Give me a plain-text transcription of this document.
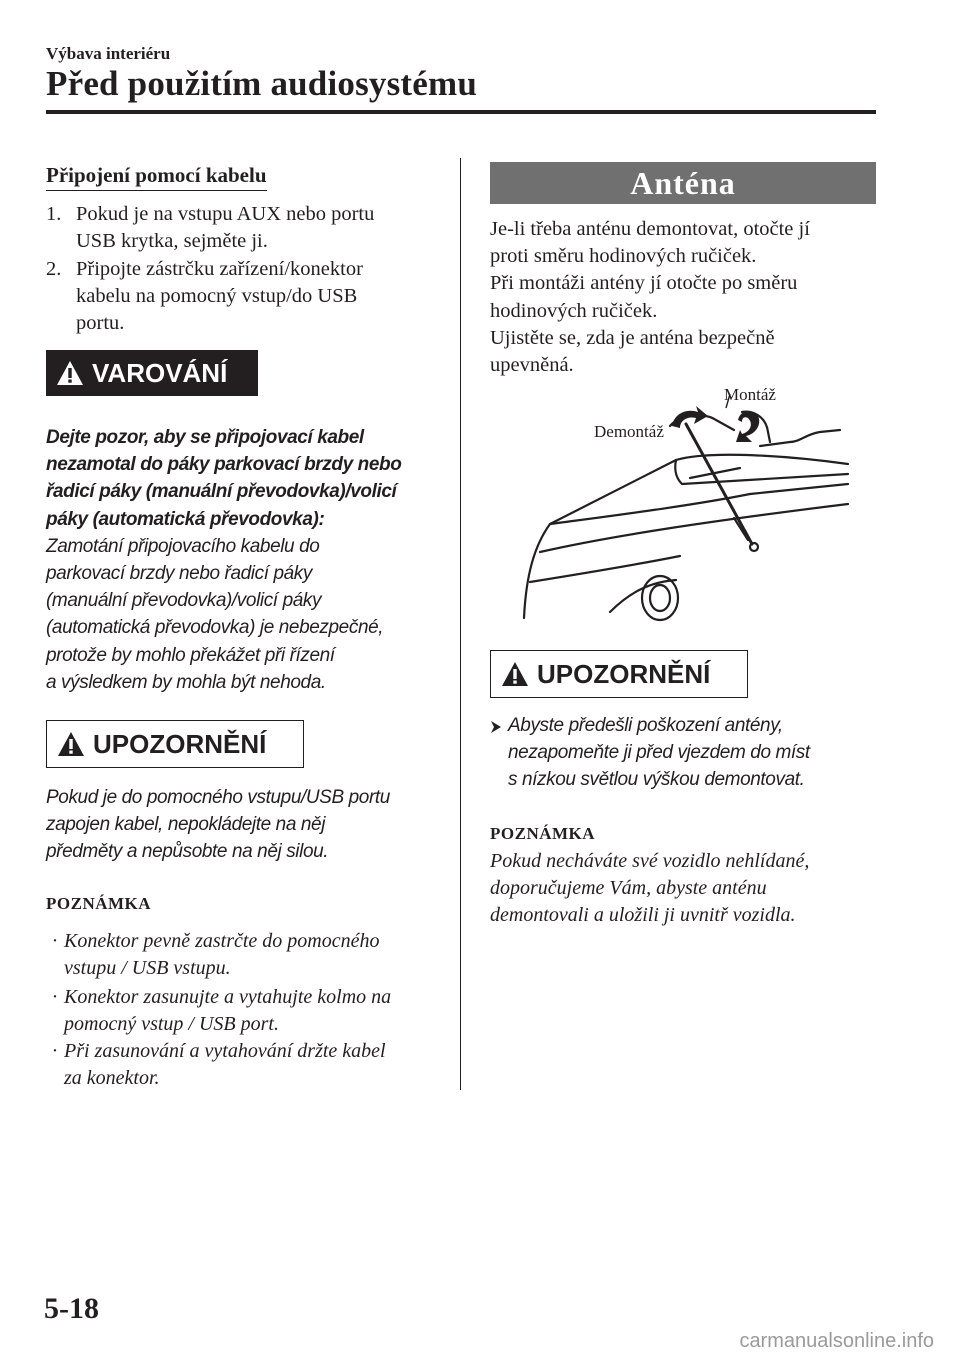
Výbava interiéru
Před použitím audiosystému
Připojení pomocí kabelu
1. Pokud je na vstupu AUX nebo portu
USB krytka, sejměte ji.
2. Připojte zástrčku zařízení/konektor
kabelu na pomocný vstup/do USB
portu.
VAROVÁNÍ
Dejte pozor, aby se připojovací kabel
nezamotal do páky parkovací brzdy nebo
řadicí páky (manuální převodovka)/volicí
páky (automatická převodovka):
Zamotání připojovacího kabelu do
parkovací brzdy nebo řadicí páky
(manuální převodovka)/volicí páky
(automatická převodovka) je nebezpečné,
protože by mohlo překážet při řízení
a výsledkem by mohla být nehoda.
UPOZORNĚNÍ
Pokud je do pomocného vstupu/USB portu
zapojen kabel, nepokládejte na něj
předměty a nepůsobte na něj silou.
POZNÁMKA
· Konektor pevně zastrčte do pomocného
vstupu / USB vstupu.
· Konektor zasunujte a vytahujte kolmo na
pomocný vstup / USB port.
· Při zasunování a vytahování držte kabel
za konektor.
Anténa
Je-li třeba anténu demontovat, otočte jí
proti směru hodinových ručiček.
Při montáži antény jí otočte po směru
hodinových ručiček.
Ujistěte se, zda je anténa bezpečně
upevněná.
Demontáž
Montáž
UPOZORNĚNÍ
Abyste předešli poškození antény,
nezapomeňte ji před vjezdem do míst
s nízkou světlou výškou demontovat.
POZNÁMKA
Pokud necháváte své vozidlo nehlídané,
doporučujeme Vám, abyste anténu
demontovali a uložili ji uvnitř vozidla.
5-18
carmanualsonline.info
